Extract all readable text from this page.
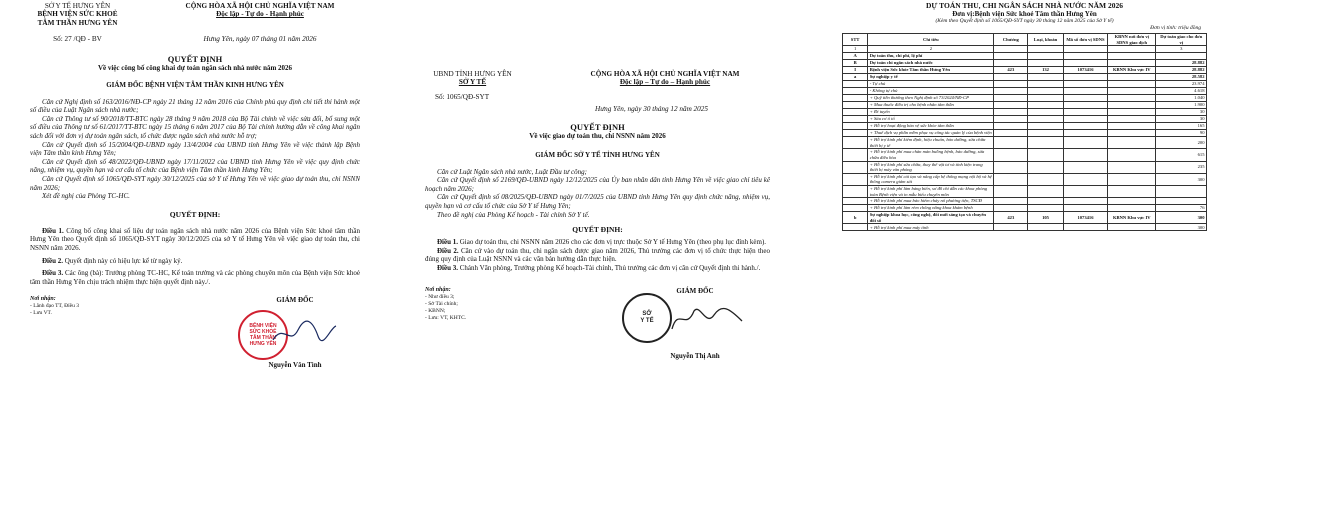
SỞ Y TẾ HƯNG YÊN

BỆNH VIỆN SỨC KHOẺ

TÂM THẦN HƯNG YÊN

CỘNG HÒA XÃ HỘI CHỦ NGHĨA VIỆT NAM

Độc lập - Tự do - Hạnh phúc

Số: 27 /QĐ - BV	Hưng Yên, ngày 07 tháng 01 năm 2026

QUYẾT ĐỊNH

Về việc công bố công khai dự toán ngân sách nhà nước năm 2026

GIÁM ĐỐC BỆNH VIỆN TÂM THẦN KINH HƯNG YÊN

Căn cứ Nghị định số 163/2016/NĐ-CP ngày 21 tháng 12 năm 2016 của Chính phủ quy định chi tiết thi hành một số điều của Luật Ngân sách nhà nước;

Căn cứ Thông tư số 90/2018/TT-BTC ngày 28 tháng 9 năm 2018 của Bộ Tài chính về việc sửa đổi, bổ sung một số điều của Thông tư số 61/2017/TT-BTC ngày 15 tháng 6 năm 2017 của Bộ Tài chính hướng dẫn về công khai ngân sách đối với đơn vị dự toán ngân sách, tổ chức được ngân sách nhà nước hỗ trợ;

Căn cứ Quyết định số 15/2004/QĐ-UBND ngày 13/4/2004 của UBND tỉnh Hưng Yên về việc thành lập Bệnh viện Tâm thần kinh Hưng Yên;

Căn cứ Quyết định số 48/2022/QĐ-UBND ngày 17/11/2022 của UBND tỉnh Hưng Yên về việc quy định chức năng, nhiệm vụ, quyền hạn và cơ cấu tổ chức của Bệnh viện Tâm thần kinh Hưng Yên;

Căn cứ Quyết định số 1065/QĐ-SYT ngày 30/12/2025 của sở Y tế Hưng Yên về việc giao dự toán thu, chi NSNN năm 2026;

Xét đề nghị của Phòng TC-HC.

QUYẾT ĐỊNH:

Điều 1. Công bố công khai số liệu dự toán ngân sách nhà nước năm 2026 của Bệnh viện Sức khoẻ tâm thần Hưng Yên theo Quyết định số 1065/QĐ-SYT ngày 30/12/2025 của sở Y tế Hưng Yên về việc giao dự toán thu, chi NSNN năm 2026.

Điều 2. Quyết định này có hiệu lực kể từ ngày ký.

Điều 3. Các ông (bà): Trưởng phòng TC-HC, Kế toán trưởng và các phòng chuyên môn của Bệnh viện Sức khoẻ tâm thần Hưng Yên chịu trách nhiệm thực hiện quyết định này./.

Nơi nhận:

- Lãnh đạo TT, Điều 3

- Lưu VT.

GIÁM ĐỐC

BỆNH VIỆN
SỨC KHOẺ
TÂM THẦN
HƯNG YÊN

Nguyễn Văn Tình

UBND TỈNH HƯNG YÊN

SỞ Y TẾ

CỘNG HÒA XÃ HỘI CHỦ NGHĨA VIỆT NAM

Độc lập – Tự do – Hạnh phúc

Số: 1065/QĐ-SYT

Hưng Yên, ngày 30 tháng 12 năm 2025

QUYẾT ĐỊNH

Về việc giao dự toán thu, chi NSNN năm 2026

GIÁM ĐỐC SỞ Y TẾ TỈNH HƯNG YÊN

Căn cứ Luật Ngân sách nhà nước, Luật Đầu tư công;

Căn cứ Quyết định số 2169/QĐ-UBND ngày 12/12/2025 của Ủy ban nhân dân tỉnh Hưng Yên về việc giao chỉ tiêu kế hoạch năm 2026;

Căn cứ Quyết định số 08/2025/QĐ-UBND ngày 01/7/2025 của UBND tỉnh Hưng Yên quy định chức năng, nhiệm vụ, quyền hạn và cơ cấu tổ chức của Sở Y tế Hưng Yên;

Theo đề nghị của Phòng Kế hoạch - Tài chính Sở Y tế.

QUYẾT ĐỊNH:

Điều 1. Giao dự toán thu, chi NSNN năm 2026 cho các đơn vị trực thuộc Sở Y tế Hưng Yên (theo phụ lục đính kèm).

Điều 2. Căn cứ vào dự toán thu, chi ngân sách được giao năm 2026, Thủ trưởng các đơn vị tổ chức thực hiện theo đúng quy định của Luật NSNN và các văn bản hướng dẫn thực hiện.

Điều 3. Chánh Văn phòng, Trưởng phòng Kế hoạch-Tài chính, Thủ trưởng các đơn vị căn cứ Quyết định thi hành./.

Nơi nhận:

- Như điều 3;

- Sở Tài chính;

- KBNN;

- Lưu: VT, KHTC.

GIÁM ĐỐC

SỞ
Y TẾ

Nguyễn Thị Anh

DỰ TOÁN THU, CHI NGÂN SÁCH NHÀ NƯỚC NĂM 2026

Đơn vị:Bệnh viện Sức khoẻ Tâm thần Hưng Yên

(Kèm theo Quyết định số 1065/QĐ-SYT ngày 30 tháng 12 năm 2025 của Sở Y tế)

Đơn vị tính: triệu đồng

STT	Chỉ tiêu	Chương	Loại, khoản	Mã số đơn vị SDNS	KBNN nơi đơn vị SDNS giao dịch	Dự toán giao cho đơn vị
1	2					3
A	Dự toán thu, chi phí, lệ phí					
B	Dự toán chi ngân sách nhà nước					28.882
I	Bệnh viện Sức khỏe Tâm thần Hưng Yên	423	132	1073416	KBNN Khu vực IV	28.882
a	Sự nghiệp y tế					28.582
	- Tự chủ					23.974
	- Không tự chủ					4.618
	+ Quỹ tiền thưởng theo Nghị định số 73/2024/NĐ-CP					1.040
	+ Mua thuốc điều trị cho bệnh nhân tâm thần					1.900
	+ Đi tuyển					30
	+ Sáu cơ ổ tổ					30
	+ Hỗ trợ hoạt động bảo vệ sức khỏe tâm thần					165
	+ Thuế dịch vụ phần mềm phục vụ công tác quản lý của bệnh viện					90
	+ Hỗ trợ kinh phí kiểm định, hiệu chuẩn, bảo dưỡng, sửa chữa thiết bị y tế					200
	+ Hỗ trợ kinh phí mua chăn màn buồng bệnh, bảo dưỡng, sửa chữa điều hòa					615
	+ Hỗ trợ kinh phí sửa chữa, thay thế vật tư và tính kiện trang thiết bị máy văn phòng					235
	+ Hỗ trợ kinh phí cải tạo và nâng cấp hệ thống mạng nội bộ và hệ thống camera giám sát					300
	+ Hỗ trợ kinh phí làm bảng biển, sơ đồ chỉ dẫn các khoa phòng toàn Bệnh viện và in mẫu biểu chuyên môn					
	+ Hỗ trợ kinh phí mua bảo hiểm cháy nổ phương tiện, TSCĐ					
	+ Hỗ trợ kinh phí làm rèm chống nắng khoa khám bệnh					76
b	Sự nghiệp khoa học, công nghệ, đổi mới sáng tạo và chuyển đổi số	423	105	1073416	KBNN Khu vực IV	300
	+ Hỗ trợ kinh phí mua máy tính					300
